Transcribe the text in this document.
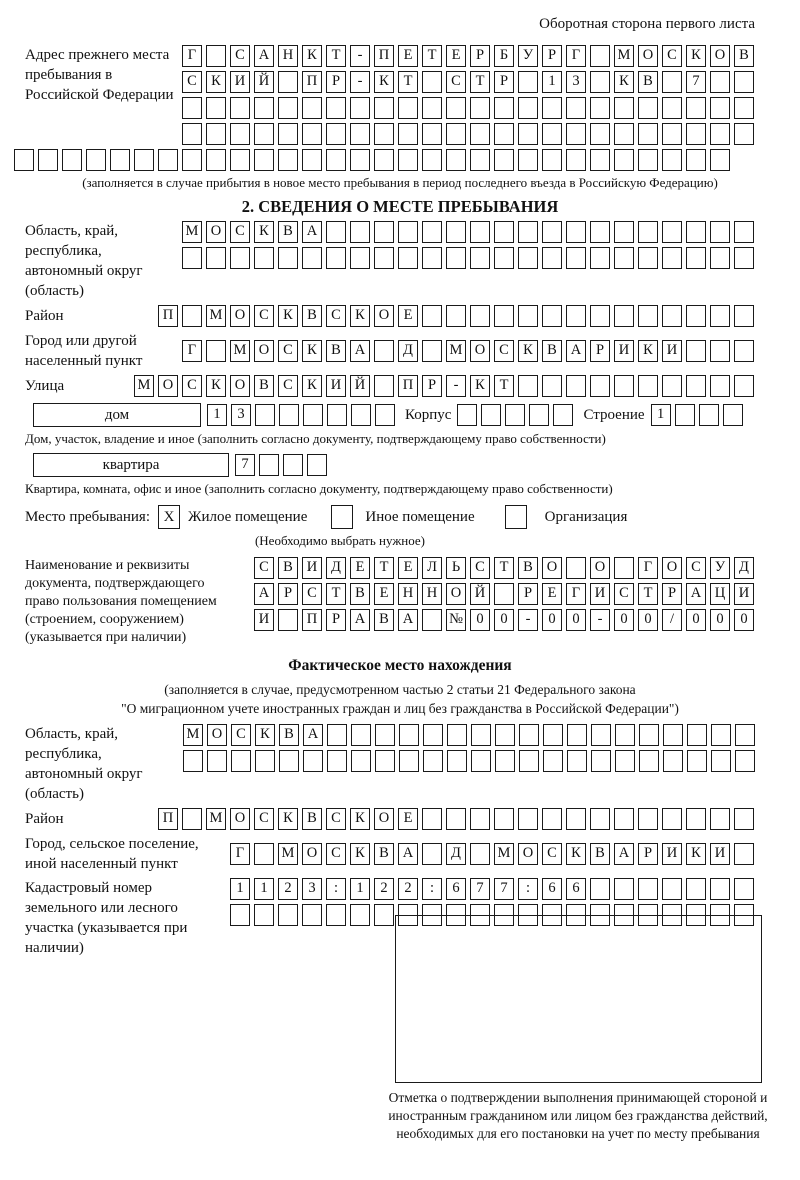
Оборотная сторона первого листа
Адрес прежнего места пребывания в Российской Федерации
Г	С А Н К	Т	-	П Е	Т	Е	Р	Б	У	Р	Г	М О С К О В
С К И Й	П	Р	-	К	Т	С	Т	Р	1	3	К В	7
(заполняется в случае прибытия в новое место пребывания в период последнего въезда в Российскую Федерацию)
2. СВЕДЕНИЯ О МЕСТЕ ПРЕБЫВАНИЯ
Область, край, республика, автономный округ (область)
М О С К В А
Район	П	М О С К В С К О Е
Город или другой населенный пункт
Г	М О С К В А	Д	М О С К В А	Р	И К И
Улица	М О С К О В С К И Й	П	Р	-	К	Т
дом	1	3	Корпус	Строение 1
Дом, участок, владение и иное (заполнить согласно документу, подтверждающему право собственности)
квартира	7
Квартира, комната, офис и иное (заполнить согласно документу, подтверждающему право собственности)
Место пребывания: X Жилое помещение	Иное помещение	Организация
(Необходимо выбрать нужное)
Наименование и реквизиты документа, подтверждающего право пользования помещением (строением, сооружением) (указывается при наличии)
С В И Д	Е	Т	Е	Л	Ь	С	Т	В О	О	Г	О С У Д
А	Р	С	Т	В	Е Н Н О Й	Р	Е	Г	И С	Т	Р	А Ц И
И	П	Р	А В А	№ 0	0	-	0	0	-	0	0	/	0	0	0
Фактическое место нахождения
(заполняется в случае, предусмотренном частью 2 статьи 21 Федерального закона
"О миграционном учете иностранных граждан и лиц без гражданства в Российской Федерации")
Область, край, республика, автономный округ (область)
М О С К В А
Район	П	М О С К В С К О Е
Город, сельское поселение, иной населенный пункт
Г	М О С К В А	Д	М О С К В А	Р	И К И
Кадастровый номер земельного или лесного участка (указывается при наличии)
1	1	2	3	:	1	2	2	:	6	7	7	:	6	6
Отметка о подтверждении выполнения принимающей стороной и иностранным гражданином или лицом без гражданства действий, необходимых для его постановки на учет по месту пребывания
